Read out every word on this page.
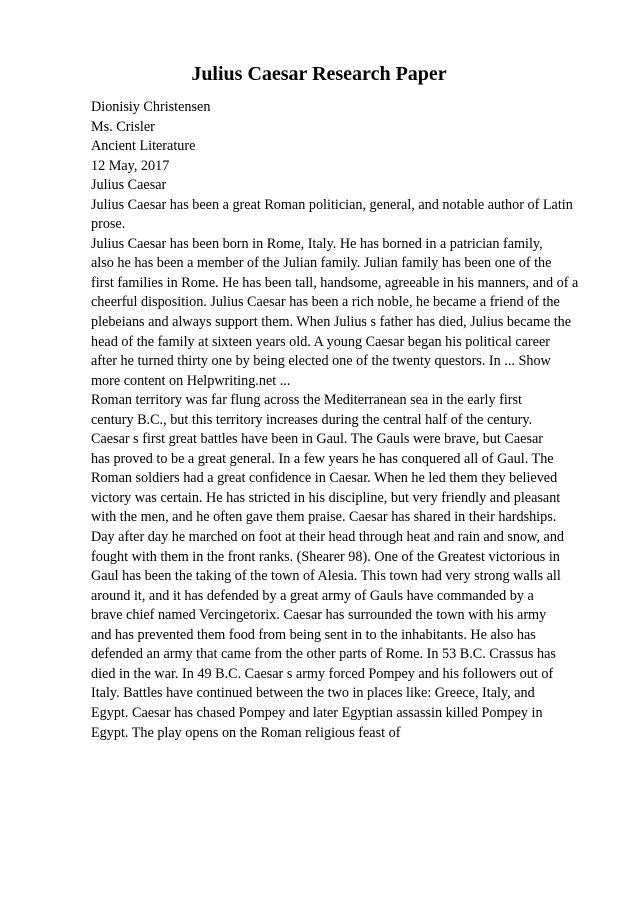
Julius Caesar Research Paper
Dionisiy Christensen
Ms. Crisler
Ancient Literature
12 May, 2017
Julius Caesar
Julius Caesar has been a great Roman politician, general, and notable author of Latin
prose.
Julius Caesar has been born in Rome, Italy. He has borned in a patrician family,
also he has been a member of the Julian family. Julian family has been one of the
first families in Rome. He has been tall, handsome, agreeable in his manners, and of a
cheerful disposition. Julius Caesar has been a rich noble, he became a friend of the
plebeians and always support them. When Julius s father has died, Julius became the
head of the family at sixteen years old. A young Caesar began his political career
after he turned thirty one by being elected one of the twenty questors. In ... Show
more content on Helpwriting.net ...
Roman territory was far flung across the Mediterranean sea in the early first
century B.C., but this territory increases during the central half of the century.
Caesar s first great battles have been in Gaul. The Gauls were brave, but Caesar
has proved to be a great general. In a few years he has conquered all of Gaul. The
Roman soldiers had a great confidence in Caesar. When he led them they believed
victory was certain. He has stricted in his discipline, but very friendly and pleasant
with the men, and he often gave them praise. Caesar has shared in their hardships.
Day after day he marched on foot at their head through heat and rain and snow, and
fought with them in the front ranks. (Shearer 98). One of the Greatest victorious in
Gaul has been the taking of the town of Alesia. This town had very strong walls all
around it, and it has defended by a great army of Gauls have commanded by a
brave chief named Vercingetorix. Caesar has surrounded the town with his army
and has prevented them food from being sent in to the inhabitants. He also has
defended an army that came from the other parts of Rome. In 53 B.C. Crassus has
died in the war. In 49 B.C. Caesar s army forced Pompey and his followers out of
Italy. Battles have continued between the two in places like: Greece, Italy, and
Egypt. Caesar has chased Pompey and later Egyptian assassin killed Pompey in
Egypt. The play opens on the Roman religious feast of
